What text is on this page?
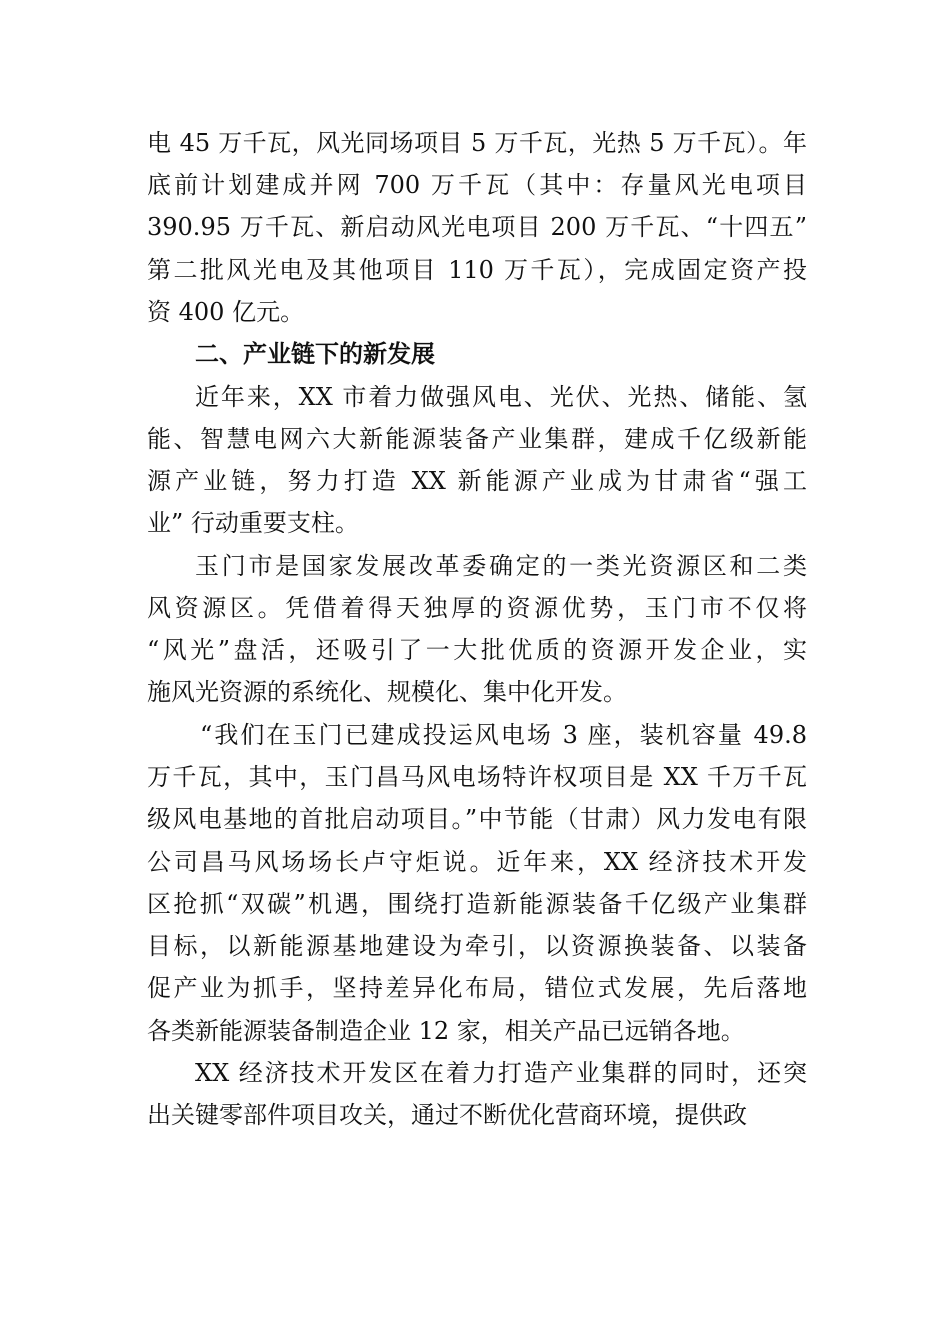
电 45 万千瓦，风光同场项目 5 万千瓦，光热 5 万千瓦）。年
底前计划建成并网 700 万千瓦（其中：存量风光电项目
390.95 万千瓦、新启动风光电项目 200 万千瓦、“十四五”
第二批风光电及其他项目 110 万千瓦），完成固定资产投
资 400 亿元。
二、产业链下的新发展
近年来，XX 市着力做强风电、光伏、光热、储能、氢
能、智慧电网六大新能源装备产业集群，建成千亿级新能
源产业链，努力打造 XX 新能源产业成为甘肃省“强工
业” 行动重要支柱。
玉门市是国家发展改革委确定的一类光资源区和二类
风资源区。凭借着得天独厚的资源优势，玉门市不仅将
“风光”盘活，还吸引了一大批优质的资源开发企业，实
施风光资源的系统化、规模化、集中化开发。
“我们在玉门已建成投运风电场 3 座，装机容量 49.8
万千瓦，其中，玉门昌马风电场特许权项目是 XX 千万千瓦
级风电基地的首批启动项目。”中节能（甘肃）风力发电有限
公司昌马风场场长卢守炬说。近年来，XX 经济技术开发
区抢抓“双碳”机遇，围绕打造新能源装备千亿级产业集群
目标，以新能源基地建设为牵引，以资源换装备、以装备
促产业为抓手，坚持差异化布局，错位式发展，先后落地
各类新能源装备制造企业 12 家，相关产品已远销各地。
XX 经济技术开发区在着力打造产业集群的同时，还突
出关键零部件项目攻关，通过不断优化营商环境，提供政
